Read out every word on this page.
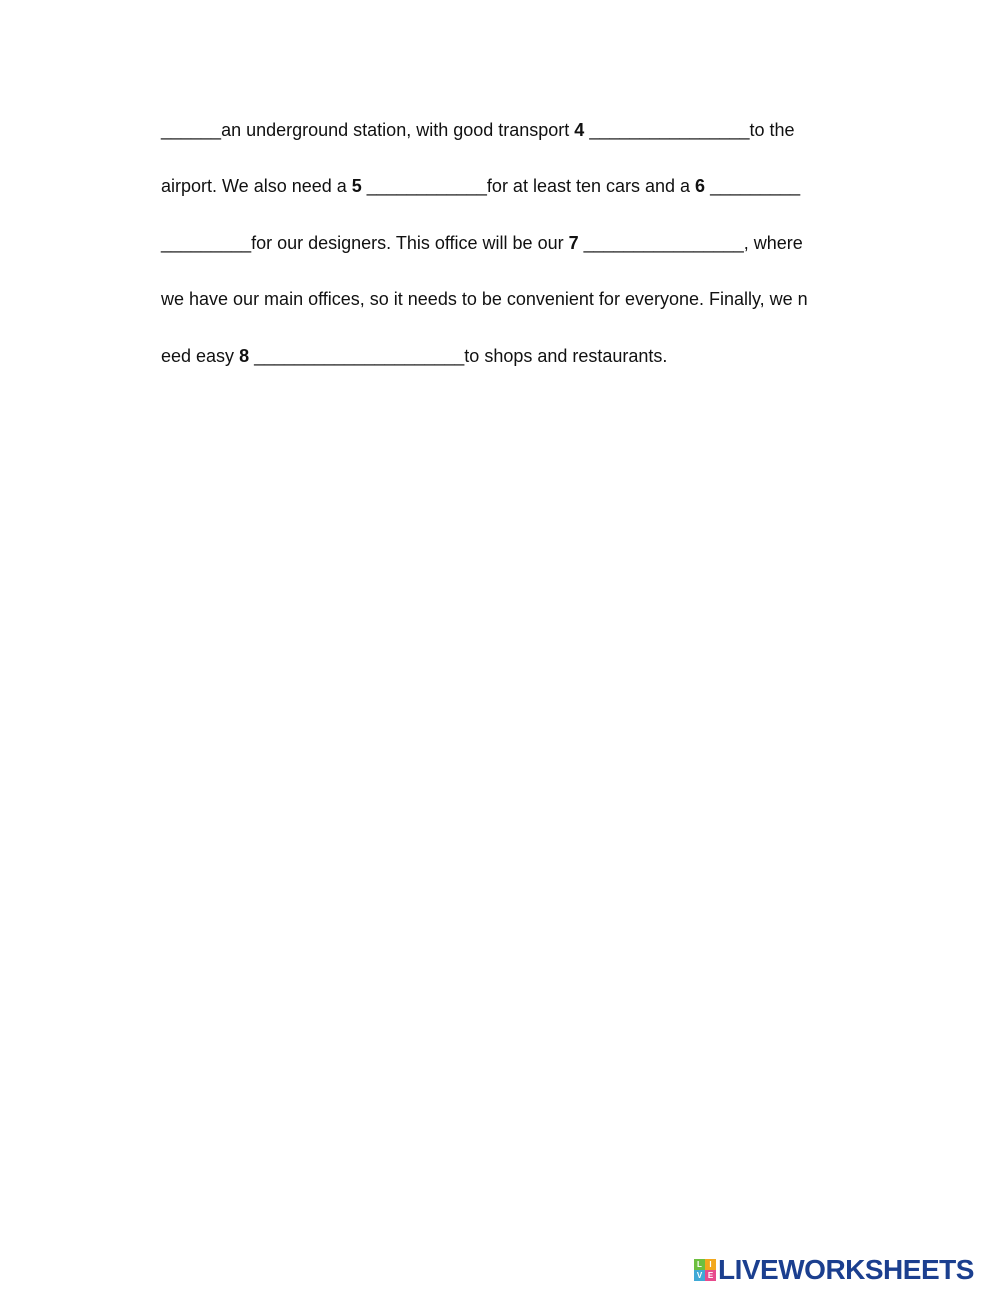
______an underground station, with good transport 4 ________________to the
airport. We also need a 5 ____________for at least ten cars and a 6 _________
_________for our designers. This office will be our 7 ________________, where
we have our main offices, so it needs to be convenient for everyone. Finally, we n
eed easy 8 _____________________to shops and restaurants.
L I
V E LIVEWORKSHEETS
